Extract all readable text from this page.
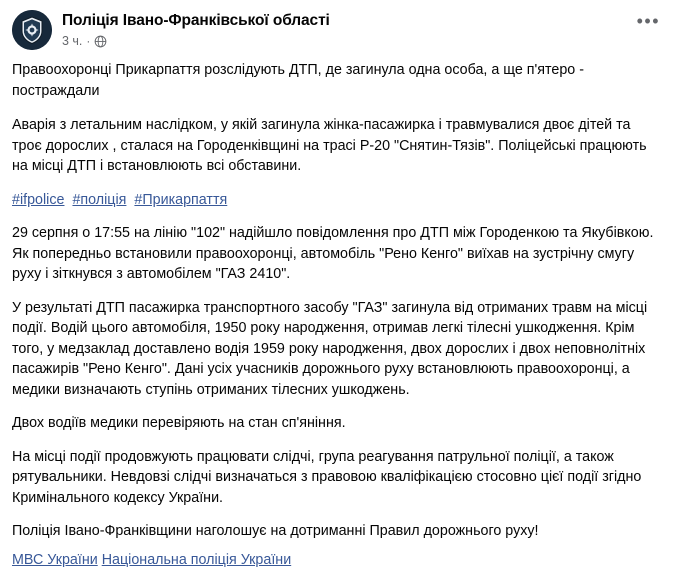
Поліція Івано-Франківської області
3 ч. ·
•••

Правоохоронці Прикарпаття розслідують ДТП, де загинула одна особа, а ще п'ятеро - постраждали

Аварія з летальним наслідком, у якій загинула жінка-пасажирка і травмувалися двоє дітей та троє дорослих , сталася на Городенківщині на трасі Р-20 "Снятин-Тязів". Поліцейські працюють на місці ДТП і встановлюють всі обставини.

#ifpolice #поліція #Прикарпаття

29 серпня о 17:55 на лінію "102" надійшло повідомлення про ДТП між Городенкою та Якубівкою. Як попередньо встановили правоохоронці, автомобіль "Рено Кенго" виїхав на зустрічну смугу руху і зіткнувся з автомобілем "ГАЗ 2410".

У результаті ДТП пасажирка транспортного засобу "ГАЗ" загинула від отриманих травм на місці події. Водій цього автомобіля, 1950 року народження, отримав легкі тілесні ушкодження. Крім того, у медзаклад доставлено водія 1959 року народження, двох дорослих і двох неповнолітніх пасажирів "Рено Кенго". Дані усіх учасників дорожнього руху встановлюють правоохоронці, а медики визначають ступінь отриманих тілесних ушкоджень.

Двох водіїв медики перевіряють на стан сп'яніння.

На місці події продовжують працювати слідчі, група реагування патрульної поліції, а також рятувальники. Невдовзі слідчі визначаться з правовою кваліфікацією стосовно цієї події згідно Кримінального кодексу України.

Поліція Івано-Франківщини наголошує на дотриманні Правил дорожнього руху!

МВС України Національна поліція України
